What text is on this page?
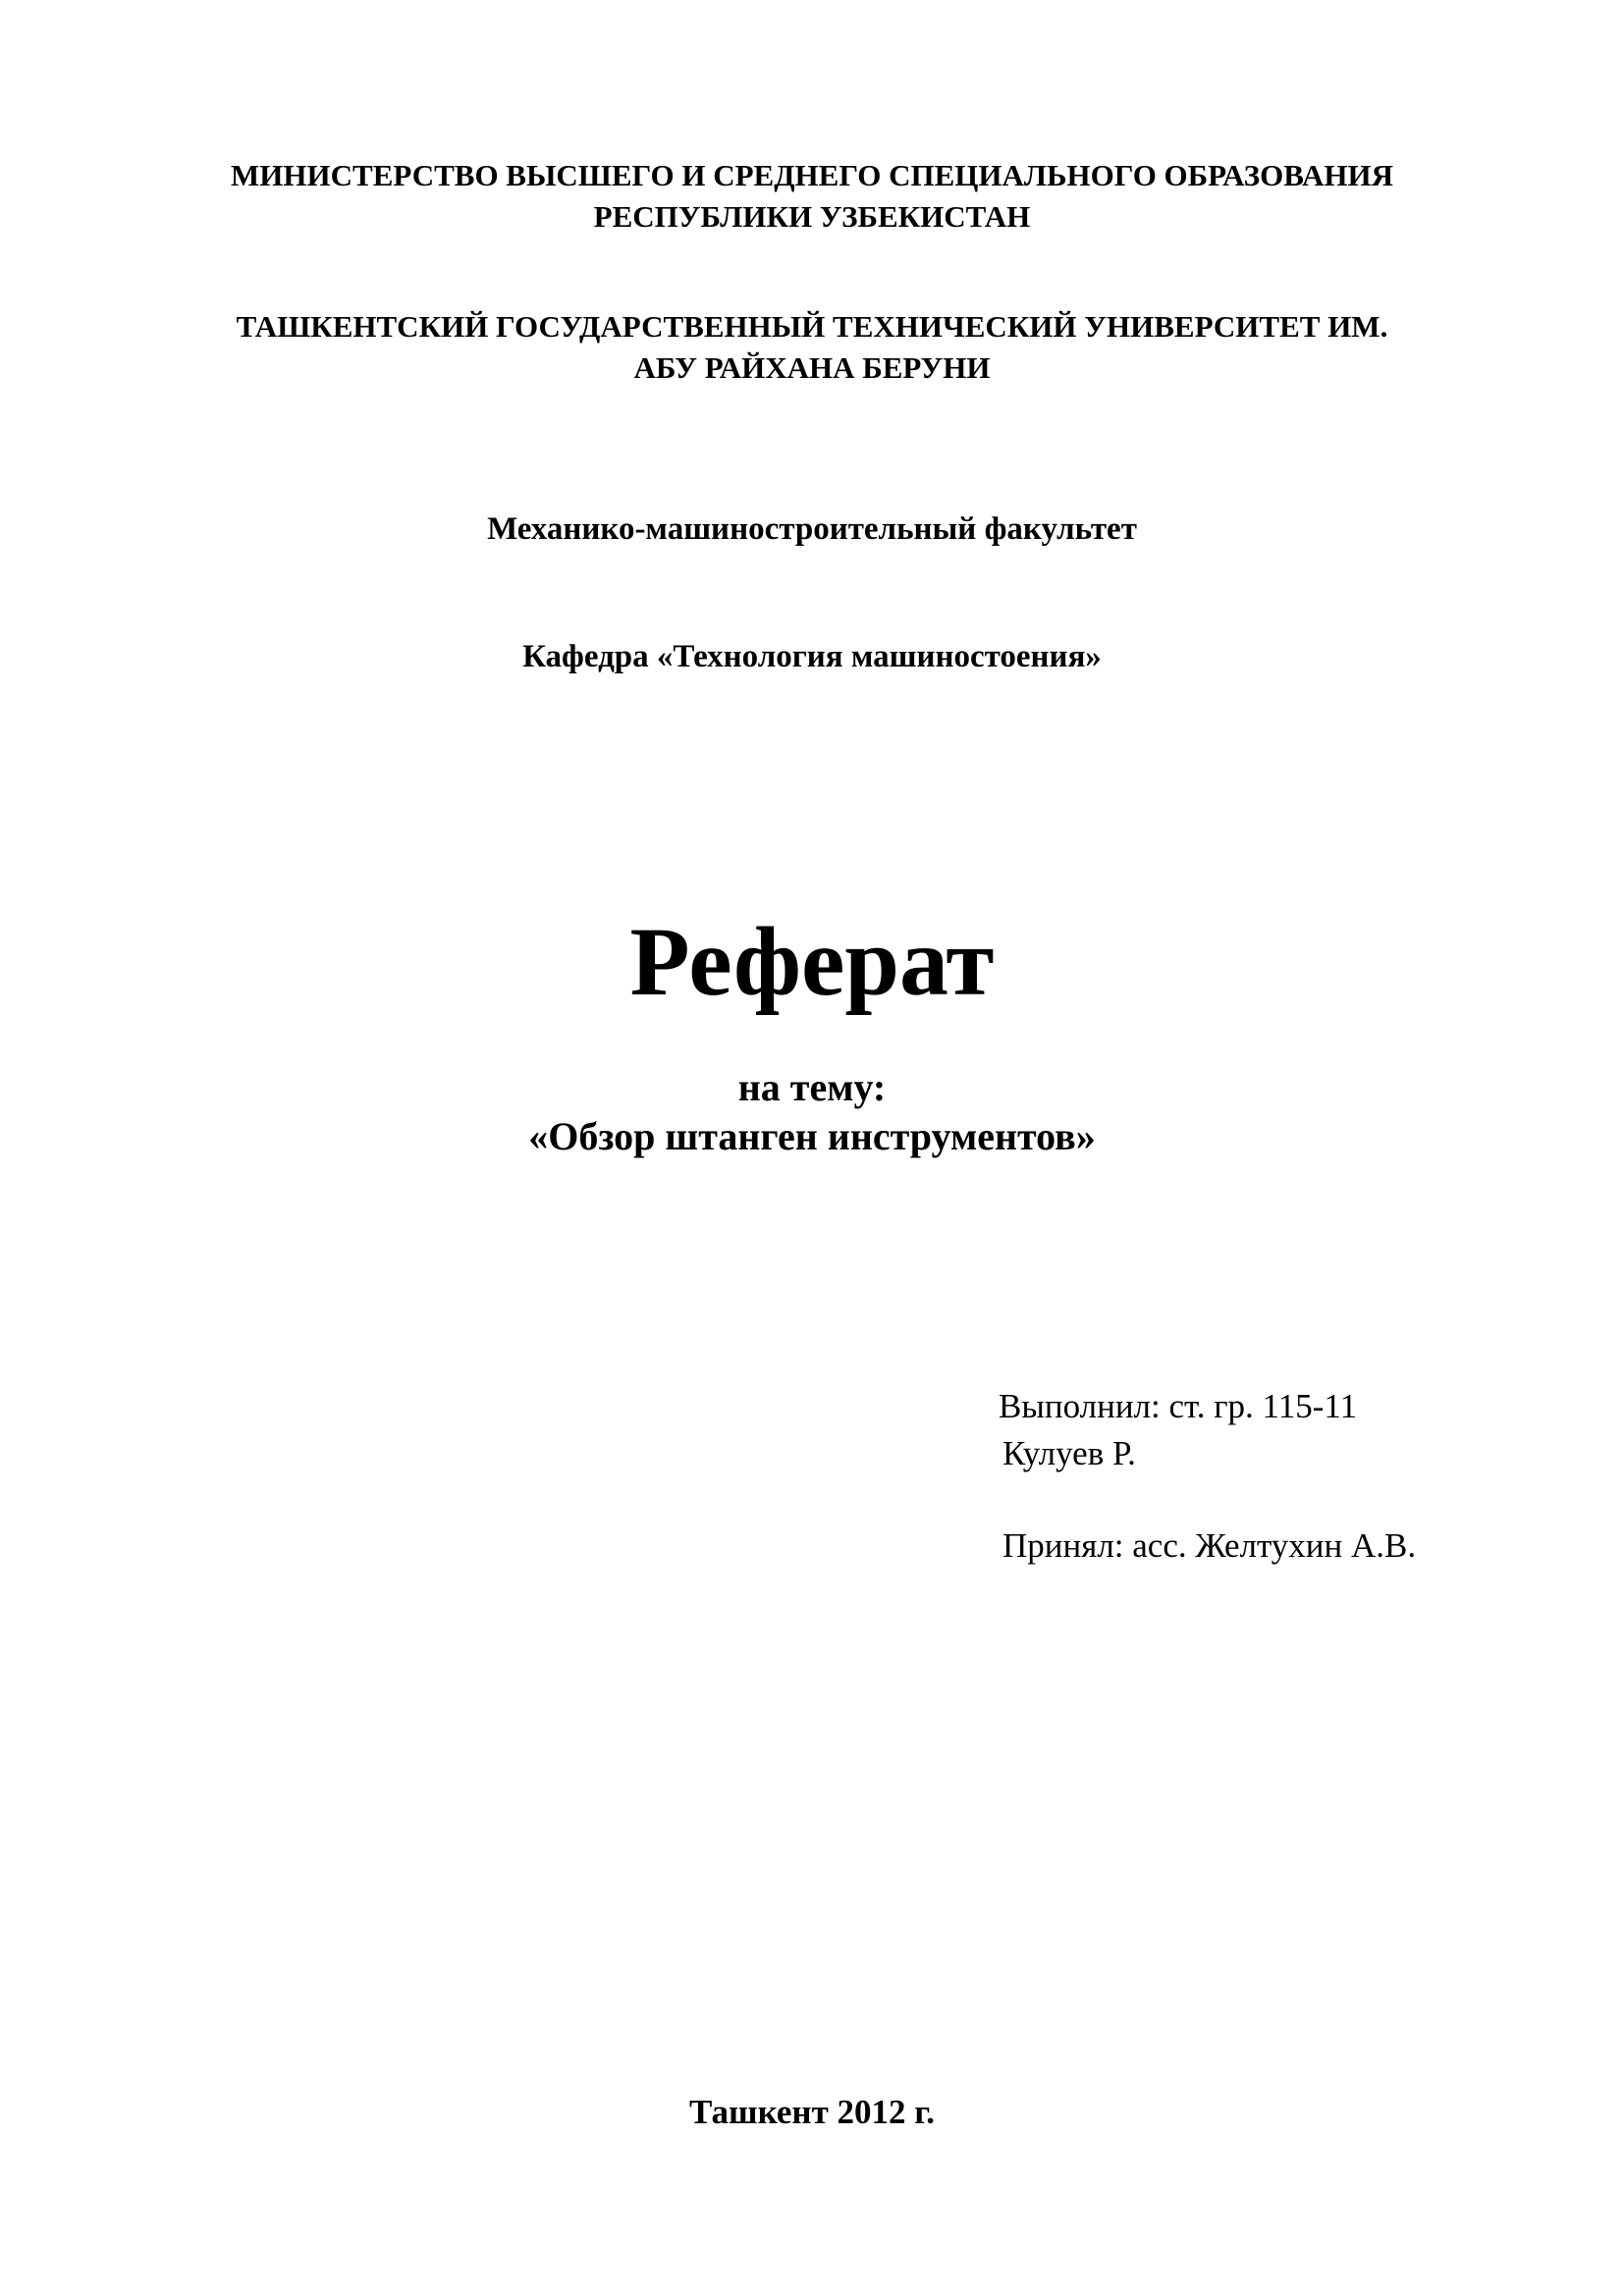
МИНИСТЕРСТВО ВЫСШЕГО И СРЕДНЕГО СПЕЦИАЛЬНОГО ОБРАЗОВАНИЯ
РЕСПУБЛИКИ УЗБЕКИСТАН
ТАШКЕНТСКИЙ ГОСУДАРСТВЕННЫЙ ТЕХНИЧЕСКИЙ УНИВЕРСИТЕТ ИМ.
АБУ РАЙХАНА БЕРУНИ
Механико-машиностроительный факультет
Кафедра «Технология машиностоения»
Реферат
на тему:
«Обзор штанген инструментов»
Выполнил: ст. гр. 115-11
Кулуев Р.
Принял: асс. Желтухин А.В.
Ташкент 2012 г.
